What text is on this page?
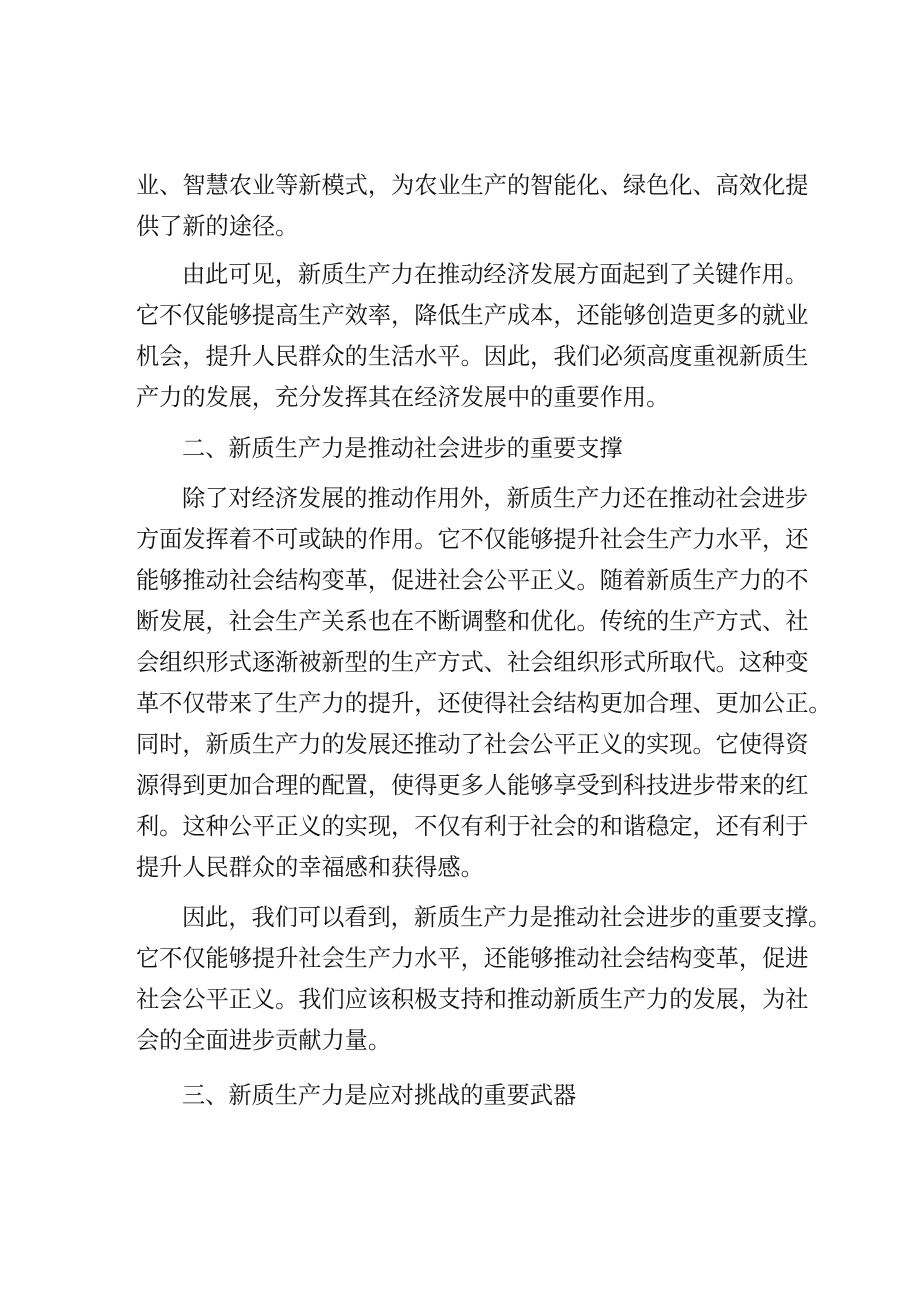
业、智慧农业等新模式，为农业生产的智能化、绿色化、高效化提
供了新的途径。
由此可见，新质生产力在推动经济发展方面起到了关键作用。
它不仅能够提高生产效率，降低生产成本，还能够创造更多的就业
机会，提升人民群众的生活水平。因此，我们必须高度重视新质生
产力的发展，充分发挥其在经济发展中的重要作用。
二、新质生产力是推动社会进步的重要支撑
除了对经济发展的推动作用外，新质生产力还在推动社会进步
方面发挥着不可或缺的作用。它不仅能够提升社会生产力水平，还
能够推动社会结构变革，促进社会公平正义。随着新质生产力的不
断发展，社会生产关系也在不断调整和优化。传统的生产方式、社
会组织形式逐渐被新型的生产方式、社会组织形式所取代。这种变
革不仅带来了生产力的提升，还使得社会结构更加合理、更加公正。
同时，新质生产力的发展还推动了社会公平正义的实现。它使得资
源得到更加合理的配置，使得更多人能够享受到科技进步带来的红
利。这种公平正义的实现，不仅有利于社会的和谐稳定，还有利于
提升人民群众的幸福感和获得感。
因此，我们可以看到，新质生产力是推动社会进步的重要支撑。
它不仅能够提升社会生产力水平，还能够推动社会结构变革，促进
社会公平正义。我们应该积极支持和推动新质生产力的发展，为社
会的全面进步贡献力量。
三、新质生产力是应对挑战的重要武器
